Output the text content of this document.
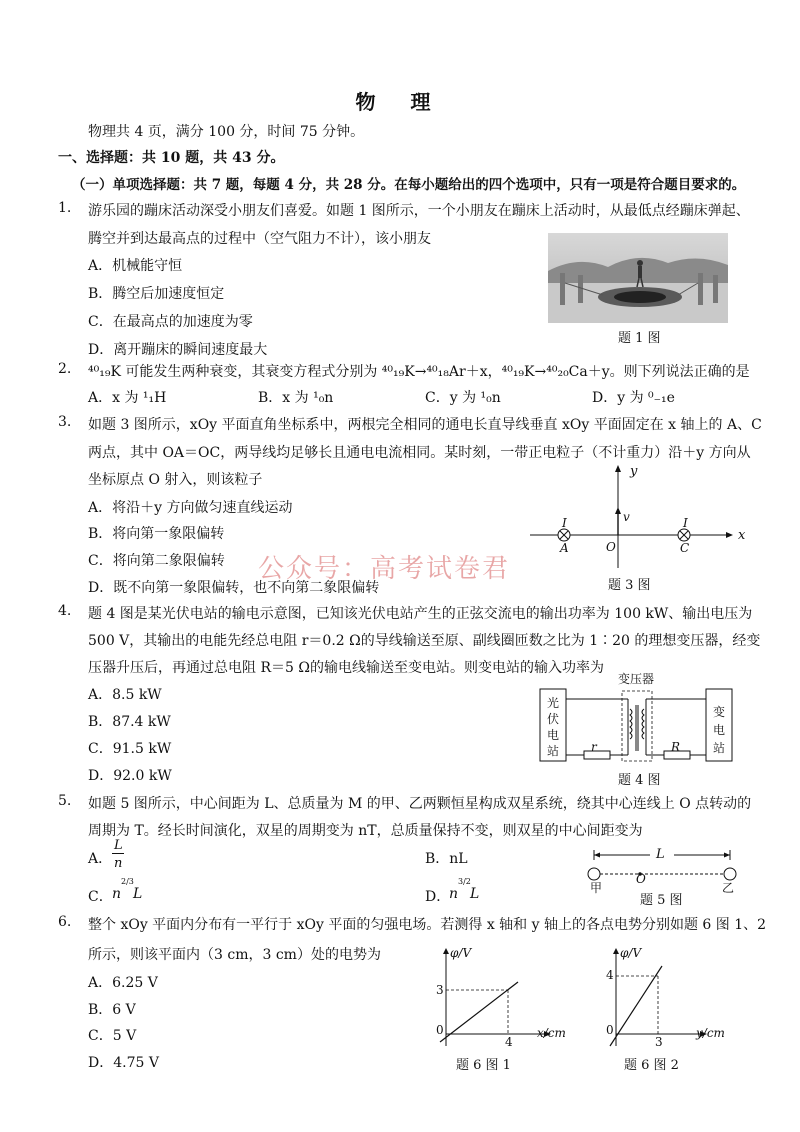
物 理
物理共 4 页，满分 100 分，时间 75 分钟。
一、选择题：共 10 题，共 43 分。
（一）单项选择题：共 7 题，每题 4 分，共 28 分。在每小题给出的四个选项中，只有一项是符合题目要求的。
1. 游乐园的蹦床活动深受小朋友们喜爱。如题 1 图所示，一个小朋友在蹦床上活动时，从最低点经蹦床弹起、
腾空并到达最高点的过程中（空气阻力不计），该小朋友
A．机械能守恒
B．腾空后加速度恒定
C．在最高点的加速度为零
D．离开蹦床的瞬间速度最大
题 1 图
2. ⁴⁰₁₉K 可能发生两种衰变，其衰变方程式分别为 ⁴⁰₁₉K→⁴⁰₁₈Ar＋x，⁴⁰₁₉K→⁴⁰₂₀Ca＋y。则下列说法正确的是
A．x 为 ¹₁H	B．x 为 ¹₀n	C．y 为 ¹₀n	D．y 为 ⁰₋₁e
3. 如题 3 图所示，xOy 平面直角坐标系中，两根完全相同的通电长直导线垂直 xOy 平面固定在 x 轴上的 A、C
两点，其中 OA＝OC，两导线均足够长且通电电流相同。某时刻，一带正电粒子（不计重力）沿＋y 方向从
坐标原点 O 射入，则该粒子
A．将沿＋y 方向做匀速直线运动
B．将向第一象限偏转
C．将向第二象限偏转
D．既不向第一象限偏转，也不向第二象限偏转
y
x
v
O
A	C
I	I
题 3 图
公众号：高考试卷君
4. 题 4 图是某光伏电站的输电示意图，已知该光伏电站产生的正弦交流电的输出功率为 100 kW、输出电压为
500 V，其输出的电能先经总电阻 r＝0.2 Ω的导线输送至原、副线圈匝数之比为 1∶20 的理想变压器，经变
压器升压后，再通过总电阻 R＝5 Ω的输电线输送至变电站。则变电站的输入功率为
A．8.5 kW
B．87.4 kW
C．91.5 kW
D．92.0 kW
变压器
光伏电站
变电站
r	R
题 4 图
5. 如题 5 图所示，中心间距为 L、总质量为 M 的甲、乙两颗恒星构成双星系统，绕其中心连线上 O 点转动的
周期为 T。经长时间演化，双星的周期变为 nT，总质量保持不变，则双星的中心间距变为
A．
L
n	B．nL
C． n
2/3
L	D．
n
3/2
L
L
O
甲	乙
题 5 图
6. 整个 xOy 平面内分布有一平行于 xOy 平面的匀强电场。若测得 x 轴和 y 轴上的各点电势分别如题 6 图 1、2
所示，则该平面内（3 cm，3 cm）处的电势为
A．6.25 V
B．6 V
C．5 V
D．4.75 V
φ/V
x/cm
3
4
0
题 6 图 1
φ/V
y/cm
4
3
0
题 6 图 2
